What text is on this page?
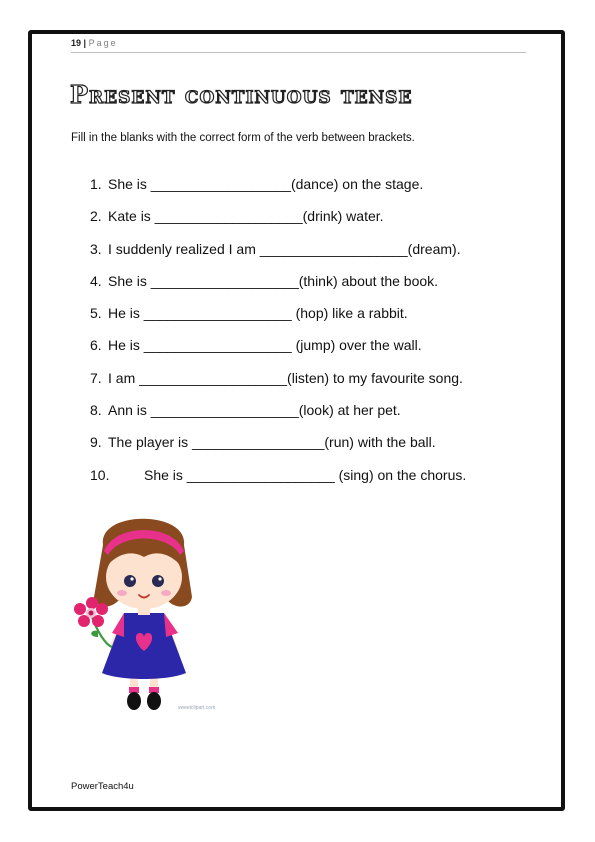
19 | Page
Present continuous tense
Fill in the blanks with the correct form of the verb between brackets.
1. She is __________________(dance) on the stage.
2. Kate is ___________________(drink) water.
3. I suddenly realized I am ___________________(dream).
4. She is ___________________(think) about the book.
5. He is ___________________ (hop) like a rabbit.
6. He is ___________________ (jump) over the wall.
7. I am ___________________(listen) to my favourite song.
8. Ann is ___________________(look) at her pet.
9. The player is _________________(run) with the ball.
10.	She is ___________________ (sing) on the chorus.
sweetclipart.com
PowerTeach4u
